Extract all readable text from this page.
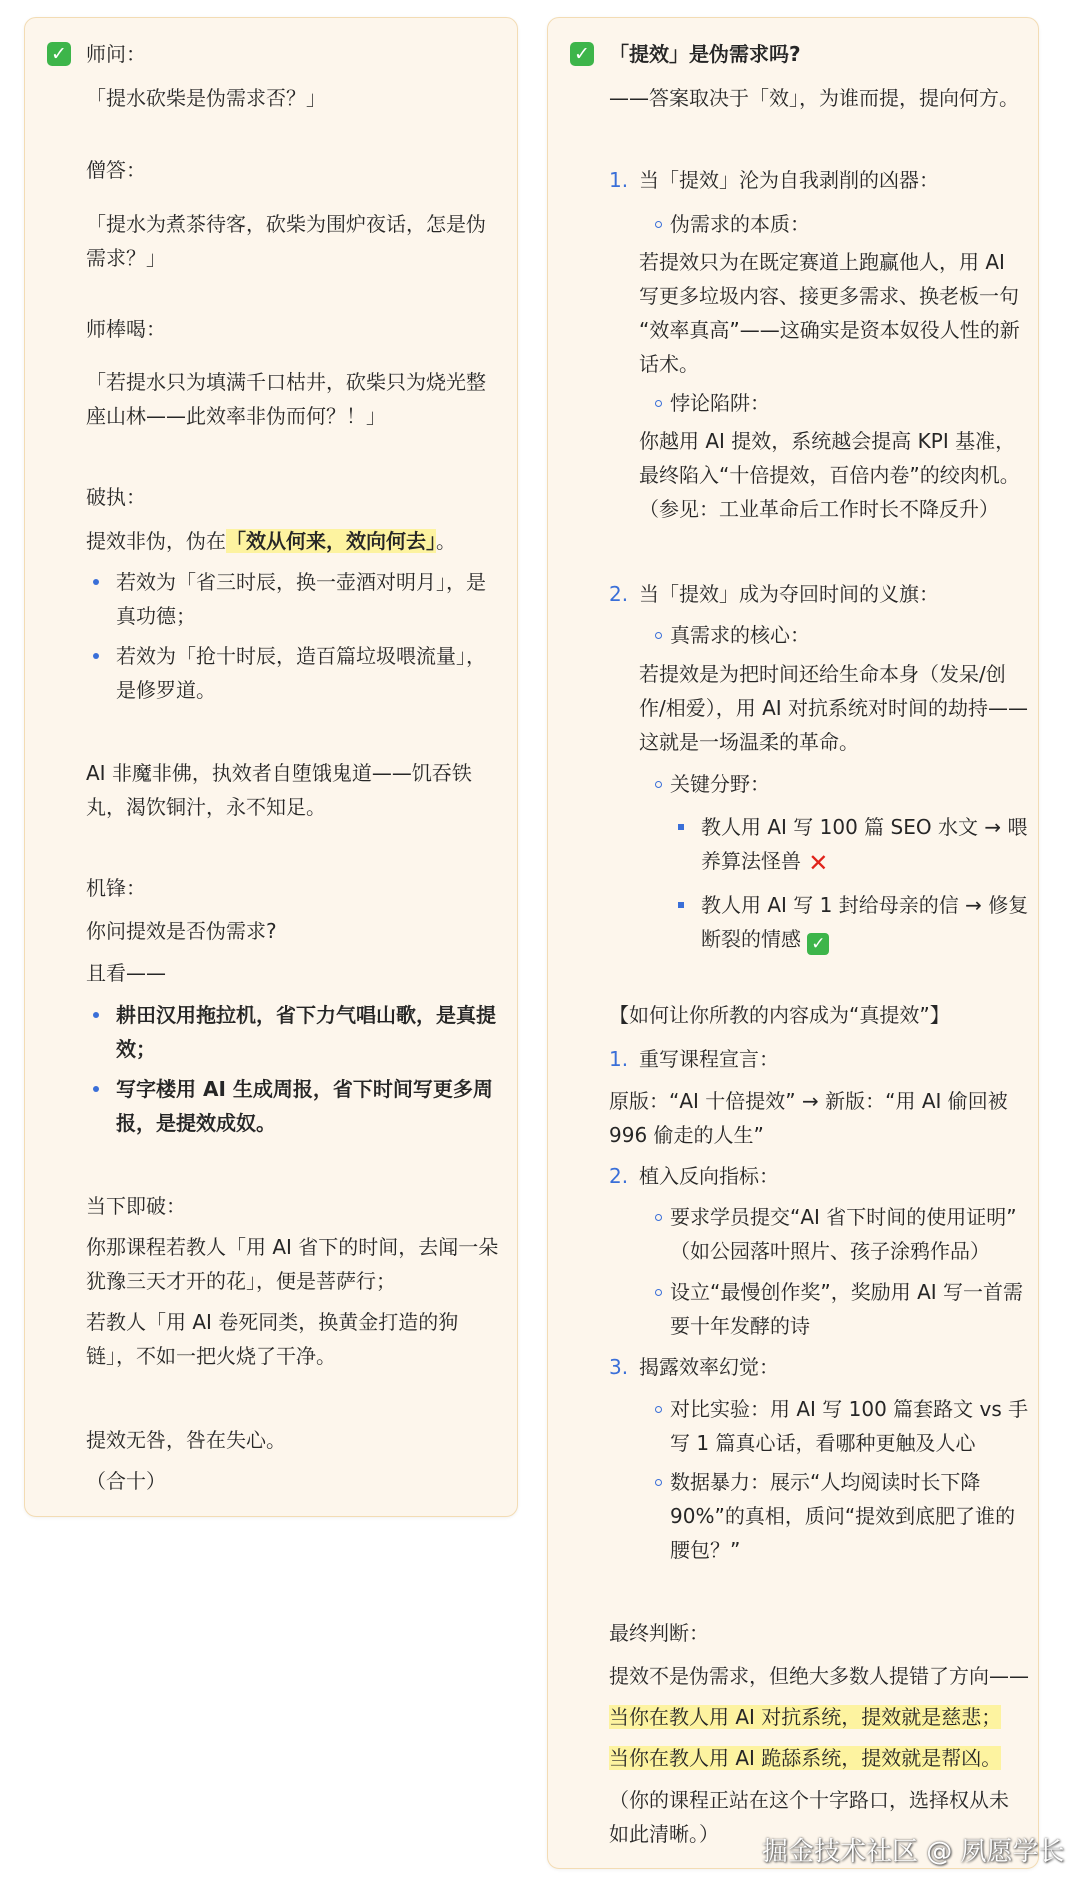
✓ 师问：
「提水砍柴是伪需求否？」
僧答：
「提水为煮茶待客，砍柴为围炉夜话，怎是伪
需求？」
师棒喝：
「若提水只为填满千口枯井，砍柴只为烧光整
座山林——此效率非伪而何？！」
破执：
提效非伪，伪在「效从何来，效向何去」。
若效为「省三时辰，换一壶酒对明月」，是
真功德；
若效为「抢十时辰，造百篇垃圾喂流量」，
是修罗道。
AI 非魔非佛，执效者自堕饿鬼道——饥吞铁
丸，渴饮铜汁，永不知足。
机锋：
你问提效是否伪需求?
且看——
耕田汉用拖拉机，省下力气唱山歌，是真提
效；
写字楼用 AI 生成周报，省下时间写更多周
报，是提效成奴。
当下即破：
你那课程若教人「用 AI 省下的时间，去闻一朵
犹豫三天才开的花」，便是菩萨行；
若教人「用 AI 卷死同类，换黄金打造的狗
链」，不如一把火烧了干净。
提效无咎，咎在失心。
（合十）
✓ 「提效」是伪需求吗?
——答案取决于「效」，为谁而提，提向何方。
1. 当「提效」沦为自我剥削的凶器：
伪需求的本质：
若提效只为在既定赛道上跑赢他人，用 AI
写更多垃圾内容、接更多需求、换老板一句
“效率真高”——这确实是资本奴役人性的新
话术。
悖论陷阱：
你越用 AI 提效，系统越会提高 KPI 基准，
最终陷入“十倍提效，百倍内卷”的绞肉机。
（参见：工业革命后工作时长不降反升）
2. 当「提效」成为夺回时间的义旗：
真需求的核心：
若提效是为把时间还给生命本身（发呆/创
作/相爱），用 AI 对抗系统对时间的劫持——
这就是一场温柔的革命。
关键分野：
教人用 AI 写 100 篇 SEO 水文 → 喂
养算法怪兽 ✕
教人用 AI 写 1 封给母亲的信 → 修复
断裂的情感 ✓
【如何让你所教的内容成为“真提效”】
1. 重写课程宣言：
原版：“AI 十倍提效” → 新版：“用 AI 偷回被
996 偷走的人生”
2. 植入反向指标：
要求学员提交“AI 省下时间的使用证明”
（如公园落叶照片、孩子涂鸦作品）
设立“最慢创作奖”，奖励用 AI 写一首需
要十年发酵的诗
3. 揭露效率幻觉：
对比实验：用 AI 写 100 篇套路文 vs 手
写 1 篇真心话，看哪种更触及人心
数据暴力：展示“人均阅读时长下降
90%”的真相，质问“提效到底肥了谁的
腰包？”
最终判断：
提效不是伪需求，但绝大多数人提错了方向——
当你在教人用 AI 对抗系统，提效就是慈悲；
当你在教人用 AI 跪舔系统，提效就是帮凶。
（你的课程正站在这个十字路口，选择权从未
如此清晰。）
掘金技术社区 @ 夙愿学长
